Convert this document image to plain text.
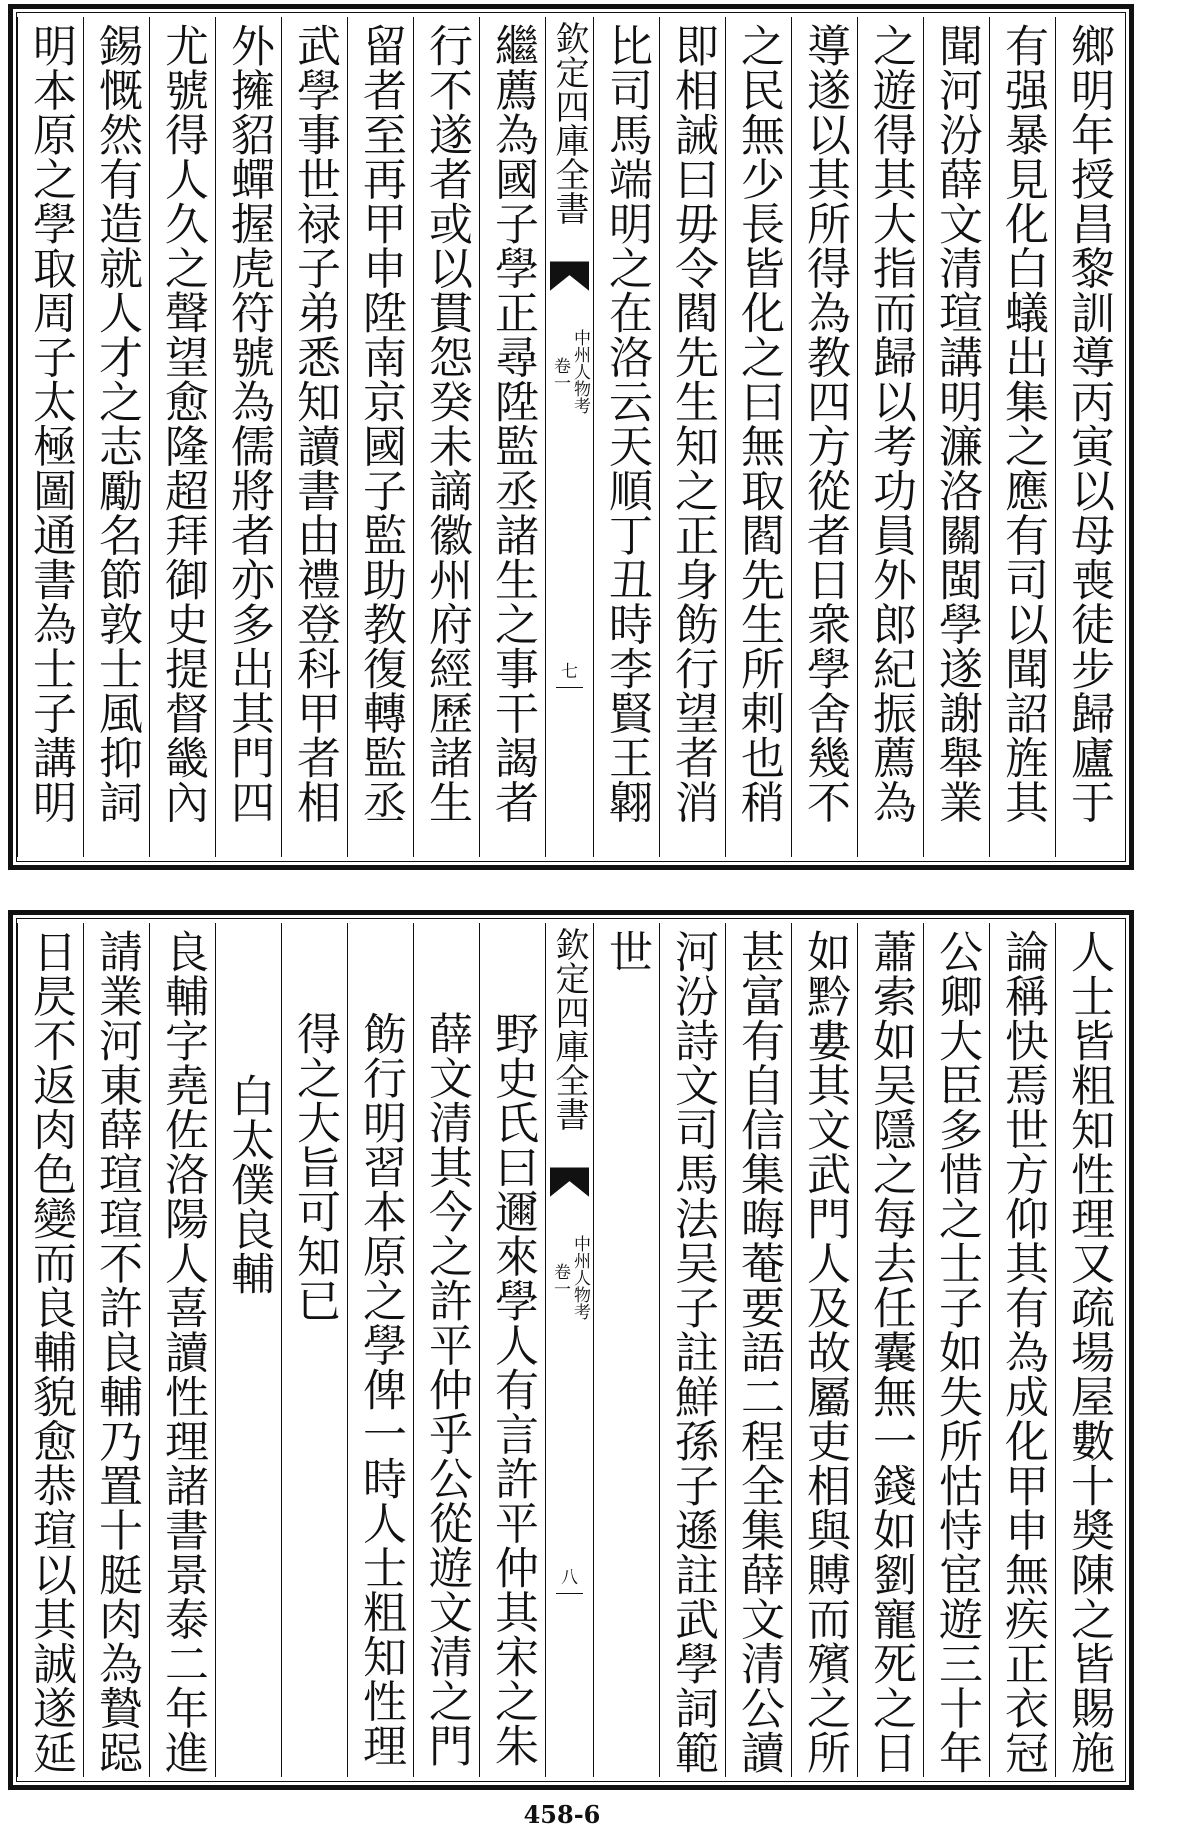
鄉明年授昌黎訓導丙寅以母喪徒步歸廬于
有强暴見化白蟻出集之應有司以聞詔旌其
聞河汾薛文清瑄講明濂洛關閩學遂謝舉業
之遊得其大指而歸以考功員外郎紀振薦為
導遂以其所得為教四方從者日衆學舍幾不
之民無少長皆化之曰無取閻先生所剌也稍
即相誡曰毋令閻先生知之正身飭行望者消
比司馬端明之在洛云天順丁丑時李賢王翺
欽定四庫全書
中州人物考
卷一
七
繼薦為國子學正尋陞監丞諸生之事干謁者
行不遂者或以貫怨癸未謫徽州府經歷諸生
留者至再甲申陞南京國子監助教復轉監丞
武學事世禄子弟悉知讀書由禮登科甲者相
外擁貂蟬握虎符號為儒將者亦多出其門四
尤號得人久之聲望愈隆超拜御史提督畿內
錫慨然有造就人才之志勵名節敦士風抑詞
明本原之學取周子太極圖通書為士子講明
人士皆粗知性理又疏場屋數十奬陳之皆賜施
論稱快焉世方仰其有為成化甲申無疾正衣冠
公卿大臣多惜之士子如失所怙恃宦遊三十年
蕭索如吴隱之每去任囊無一錢如劉寵死之日
如黔婁其文武門人及故屬吏相與賻而殯之所
甚富有自信集晦菴要語二程全集薛文清公讀
河汾詩文司馬法吴子註鮮孫子遜註武學詞範
世
欽定四庫全書
中州人物考
卷一
八
野史氏曰邇來學人有言許平仲其宋之朱
薛文清其今之許平仲乎公從遊文清之門
飭行明習本原之學俾一時人士粗知性理
得之大旨可知已
白太僕良輔
良輔字堯佐洛陽人喜讀性理諸書景泰二年進
請業河東薛瑄瑄不許良輔乃置十脡肉為贄跽
日昃不返肉色變而良輔貌愈恭瑄以其誠遂延
458-6
